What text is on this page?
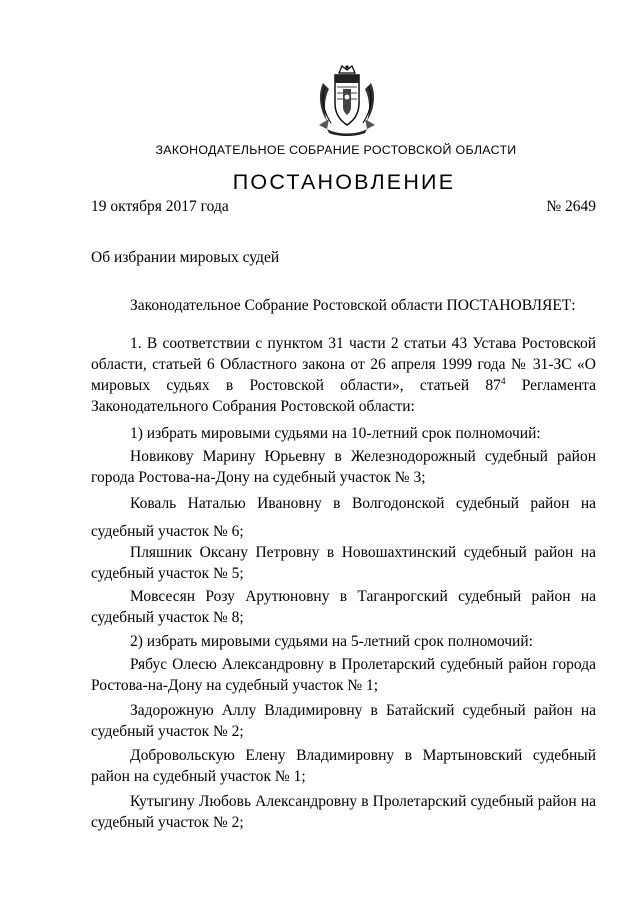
ЗАКОНОДАТЕЛЬНОЕ СОБРАНИЕ РОСТОВСКОЙ ОБЛАСТИ
ПОСТАНОВЛЕНИЕ
19 октября 2017 года	№ 2649
Об избрании мировых судей
Законодательное Собрание Ростовской области ПОСТАНОВЛЯЕТ:

1. В соответствии с пунктом 31 части 2 статьи 43 Устава Ростовской области, статьей 6 Областного закона от 26 апреля 1999 года № 31-ЗС «О мировых судьях в Ростовской области», статьей $87^4$ Регламента Законодательного Собрания Ростовской области:

1) избрать мировыми судьями на 10-летний срок полномочий:

Новикову Марину Юрьевну в Железнодорожный судебный район города Ростова-на-Дону на судебный участок № 3;

Коваль Наталью Ивановну в Волгодонской судебный район на судебный участок № 6;

Пляшник Оксану Петровну в Новошахтинский судебный район на судебный участок № 5;

Мовсесян Розу Арутюновну в Таганрогский судебный район на судебный участок № 8;

2) избрать мировыми судьями на 5-летний срок полномочий:

Рябус Олесю Александровну в Пролетарский судебный район города Ростова-на-Дону на судебный участок № 1;

Задорожную Аллу Владимировну в Батайский судебный район на судебный участок № 2;

Добровольскую Елену Владимировну в Мартыновский судебный район на судебный участок № 1;

Кутыгину Любовь Александровну в Пролетарский судебный район на судебный участок № 2;
